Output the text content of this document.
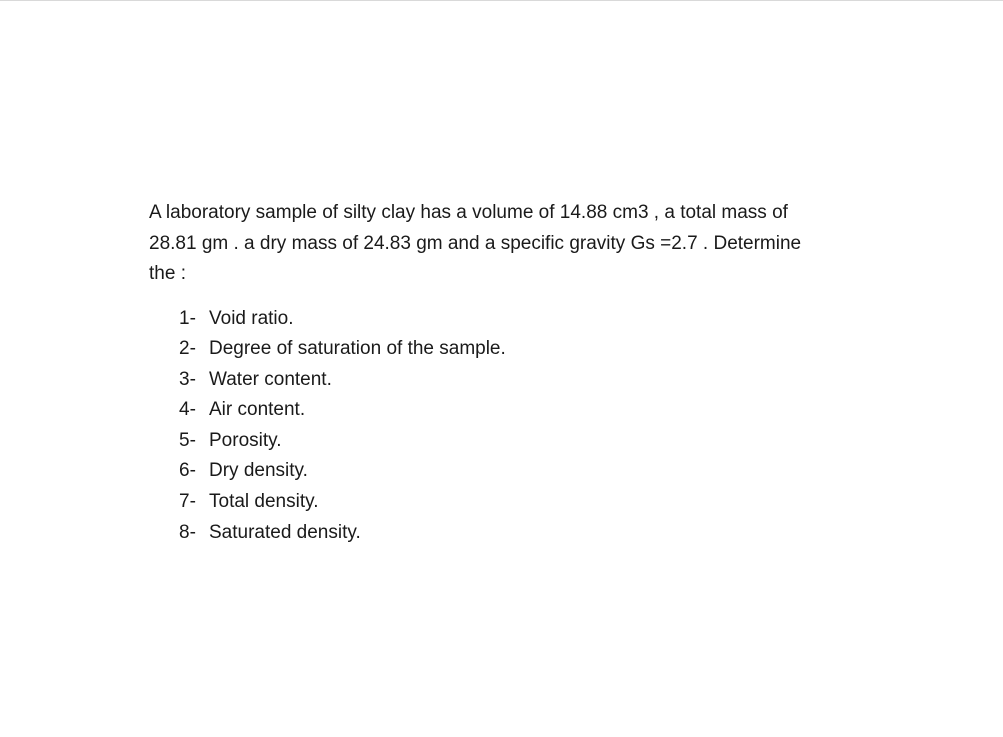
A laboratory sample of silty clay has a volume of 14.88 cm3 , a total mass of
28.81 gm . a dry mass of 24.83 gm and a specific gravity Gs =2.7 . Determine
the :

1- Void ratio.
2- Degree of saturation of the sample.
3- Water content.
4- Air content.
5- Porosity.
6- Dry density.
7- Total density.
8- Saturated density.
